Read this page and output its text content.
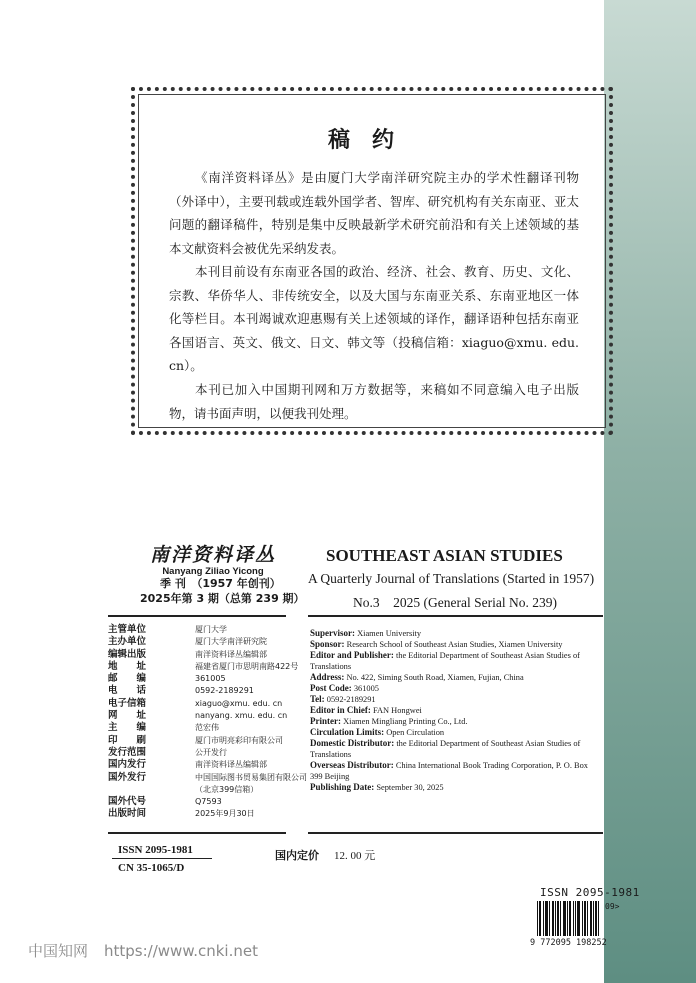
稿约
《南洋资料译丛》是由厦门大学南洋研究院主办的学术性翻译刊物（外译中），主要刊载或连载外国学者、智库、研究机构有关东南亚、亚太问题的翻译稿件，特别是集中反映最新学术研究前沿和有关上述领域的基本文献资料会被优先采纳发表。
本刊目前设有东南亚各国的政治、经济、社会、教育、历史、文化、宗教、华侨华人、非传统安全，以及大国与东南亚关系、东南亚地区一体化等栏目。本刊竭诚欢迎惠赐有关上述领域的译作，翻译语种包括东南亚各国语言、英文、俄文、日文、韩文等（投稿信箱：xiaguo@xmu. edu. cn）。
本刊已加入中国期刊网和万方数据等，来稿如不同意编入电子出版物，请书面声明，以便我刊处理。
南洋资料译丛
Nanyang Ziliao Yicong
季 刊　（1957 年创刊）
2025年第 3 期（总第 239 期）
SOUTHEAST ASIAN STUDIES
A Quarterly Journal of Translations (Started in 1957)
No.3　2025 (General Serial No. 239)
主管单位	厦门大学
主办单位	厦门大学南洋研究院
编辑出版	南洋资料译丛编辑部
地　　址	福建省厦门市思明南路422号
邮　　编	361005
电　　话	0592-2189291
电子信箱	xiaguo@xmu. edu. cn
网　　址	nanyang. xmu. edu. cn
主　　编	范宏伟
印　　刷	厦门市明亮彩印有限公司
发行范围	公开发行
国内发行	南洋资料译丛编辑部
国外发行	中国国际图书贸易集团有限公司
（北京399信箱）
国外代号	Q7593
出版时间	2025年9月30日
Supervisor: Xiamen University
Sponsor: Research School of Southeast Asian Studies, Xiamen University
Editor and Publisher: the Editorial Department of Southeast Asian Studies of Translations
Address: No. 422, Siming South Road, Xiamen, Fujian, China
Post Code: 361005
Tel: 0592-2189291
Editor in Chief: FAN Hongwei
Printer: Xiamen Mingliang Printing Co., Ltd.
Circulation Limits: Open Circulation
Domestic Distributor: the Editorial Department of Southeast Asian Studies of Translations
Overseas Distributor: China International Book Trading Corporation, P. O. Box 399 Beijing
Publishing Date: September 30, 2025
ISSN 2095-1981
CN 35-1065/D
国内定价 12. 00 元
ISSN 2095-1981
09>
9 772095 198252
中国知网 https://www.cnki.net
